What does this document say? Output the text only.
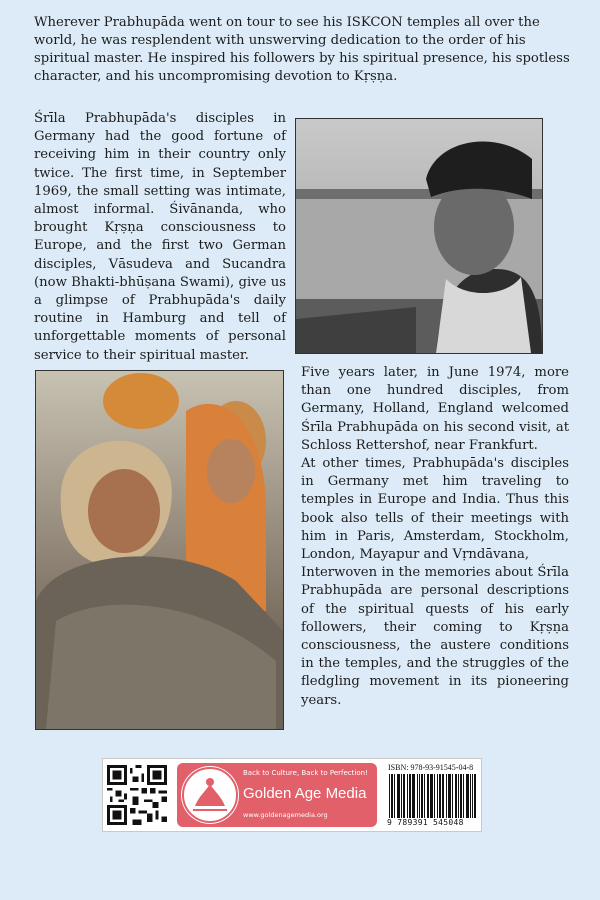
Wherever Prabhupāda went on tour to see his ISKCON temples all over the world, he was resplendent with unswerving dedication to the order of his spiritual master. He inspired his followers by his spiritual presence, his spotless character, and his uncompromising devotion to Kṛṣṇa.

Śrīla Prabhupāda's disciples in Germany had the good fortune of receiving him in their country only twice. The first time, in September 1969, the small setting was intimate, almost informal. Śivānanda, who brought Kṛṣṇa consciousness to Europe, and the first two German disciples, Vāsudeva and Sucandra (now Bhakti-bhūṣana Swami), give us a glimpse of Prabhupāda's daily routine in Hamburg and tell of unforgettable moments of personal service to their spiritual master.

Five years later, in June 1974, more than one hundred disciples, from Germany, Holland, England welcomed Śrīla Prabhupāda on his second visit, at Schloss Rettershof, near Frankfurt.

At other times, Prabhupāda's disciples in Germany met him traveling to temples in Europe and India. Thus this book also tells of their meetings with him in Paris, Amsterdam, Stockholm, London, Mayapur and Vṛndāvana,

Interwoven in the memories about Śrīla Prabhupāda are personal descriptions of the spiritual quests of his early followers, their coming to Kṛṣṇa consciousness, the austere conditions in the temples, and the struggles of the fledgling movement in its pioneering years.

Back to Culture, Back to Perfection!
Golden Age Media
www.goldenagemedia.org
ISBN: 978-93-91545-04-8
9 789391 545048
